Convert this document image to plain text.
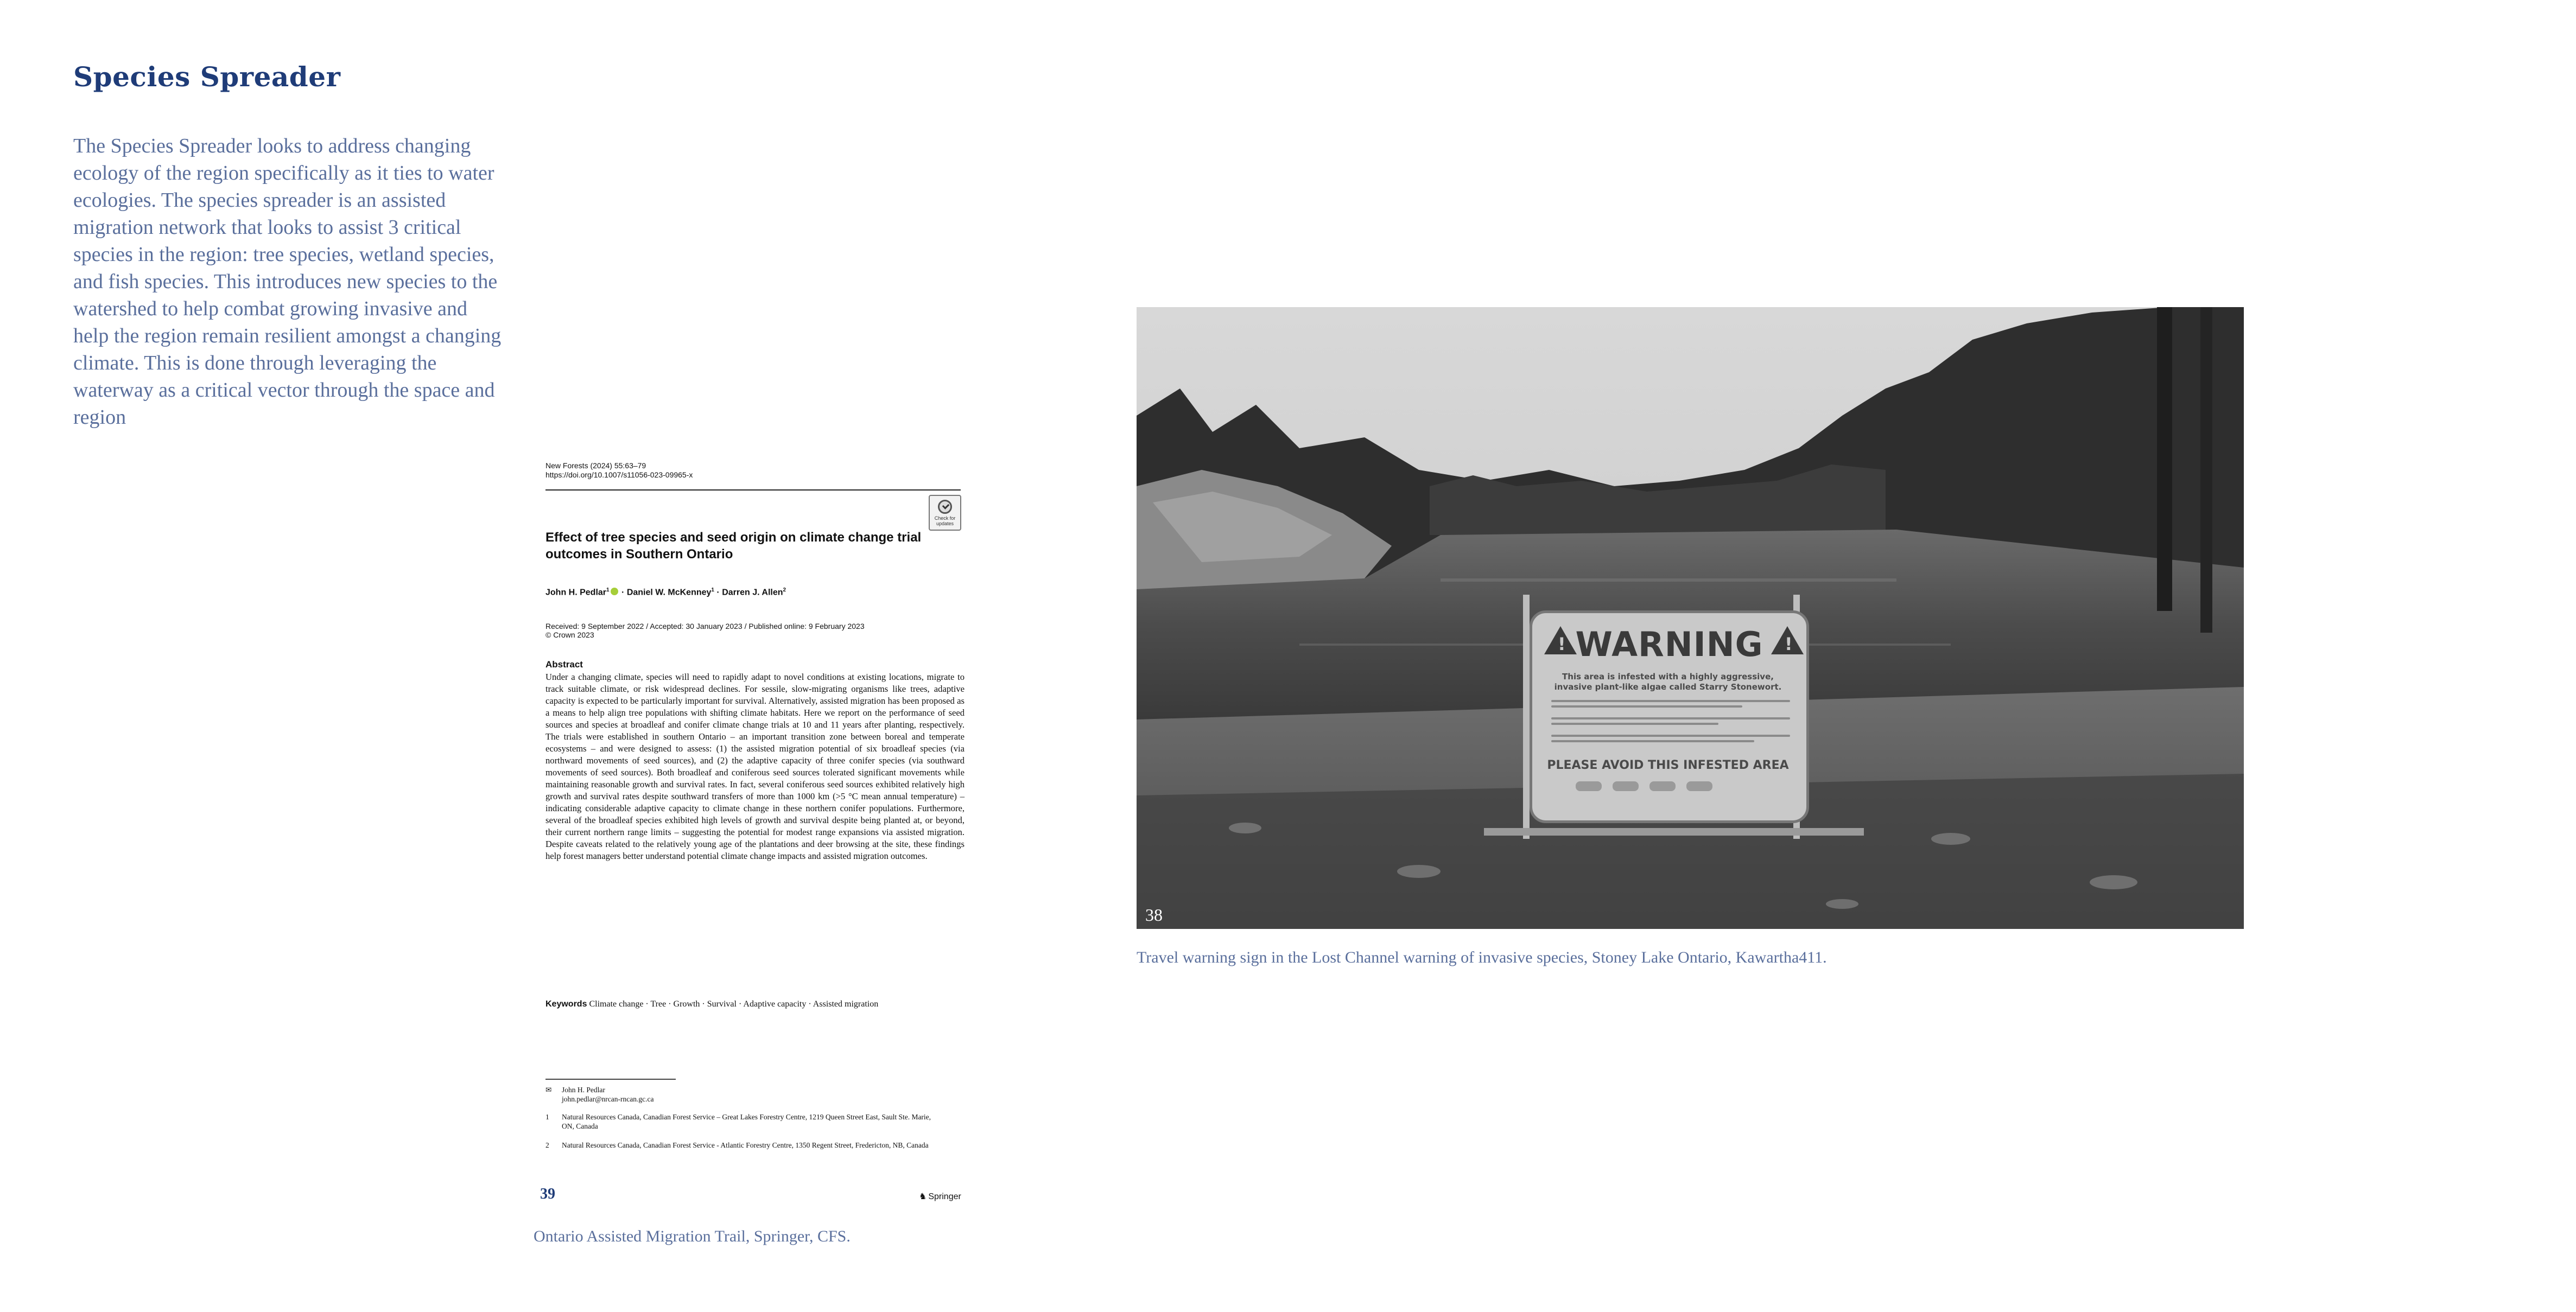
Species Spreader

The Species Spreader looks to address changing ecology of the region specifically as it ties to water ecologies. The species spreader is an assisted migration network that looks to assist 3 critical species in the region: tree species, wetland species, and fish species. This introduces new species to the watershed to help combat growing invasive and help the region remain resilient amongst a changing climate. This is done through leveraging the waterway as a critical vector through the space and region

New Forests (2024) 55:63–79
https://doi.org/10.1007/s11056-023-09965-x
Check for updates
Effect of tree species and seed origin on climate change trial outcomes in Southern Ontario
John H. Pedlar$^1$ · Daniel W. McKenney$^1$ · Darren J. Allen$^2$
Received: 9 September 2022 / Accepted: 30 January 2023 / Published online: 9 February 2023
© Crown 2023
Abstract

Under a changing climate, species will need to rapidly adapt to novel conditions at existing locations, migrate to track suitable climate, or risk widespread declines. For sessile, slow-migrating organisms like trees, adaptive capacity is expected to be particularly important for survival. Alternatively, assisted migration has been proposed as a means to help align tree populations with shifting climate habitats. Here we report on the performance of seed sources and species at broadleaf and conifer climate change trials at 10 and 11 years after planting, respectively. The trials were established in southern Ontario – an important transition zone between boreal and temperate ecosystems – and were designed to assess: (1) the assisted migration potential of six broadleaf species (via northward movements of seed sources), and (2) the adaptive capacity of three conifer species (via southward movements of seed sources). Both broadleaf and coniferous seed sources tolerated significant movements while maintaining reasonable growth and survival rates. In fact, several coniferous seed sources exhibited relatively high growth and survival rates despite southward transfers of more than 1000 km (>5 °C mean annual temperature) – indicating considerable adaptive capacity to climate change in these northern conifer populations. Furthermore, several of the broadleaf species exhibited high levels of growth and survival despite being planted at, or beyond, their current northern range limits – suggesting the potential for modest range expansions via assisted migration. Despite caveats related to the relatively young age of the plantations and deer browsing at the site, these findings help forest managers better understand potential climate change impacts and assisted migration outcomes.

Keywords Climate change · Tree · Growth · Survival · Adaptive capacity · Assisted migration
✉ John H. Pedlar
john.pedlar@nrcan-rncan.gc.ca
1 Natural Resources Canada, Canadian Forest Service – Great Lakes Forestry Centre, 1219 Queen Street East, Sault Ste. Marie, ON, Canada
2 Natural Resources Canada, Canadian Forest Service - Atlantic Forestry Centre, 1350 Regent Street, Fredericton, NB, Canada
39	♞ Springer
Ontario Assisted Migration Trail, Springer, CFS.
!
!
WARNING
This area is infested with a highly aggressive, invasive plant-like algae called Starry Stonewort.
PLEASE AVOID THIS INFESTED AREA
38
Travel warning sign in the Lost Channel warning of invasive species, Stoney Lake Ontario, Kawartha411.
